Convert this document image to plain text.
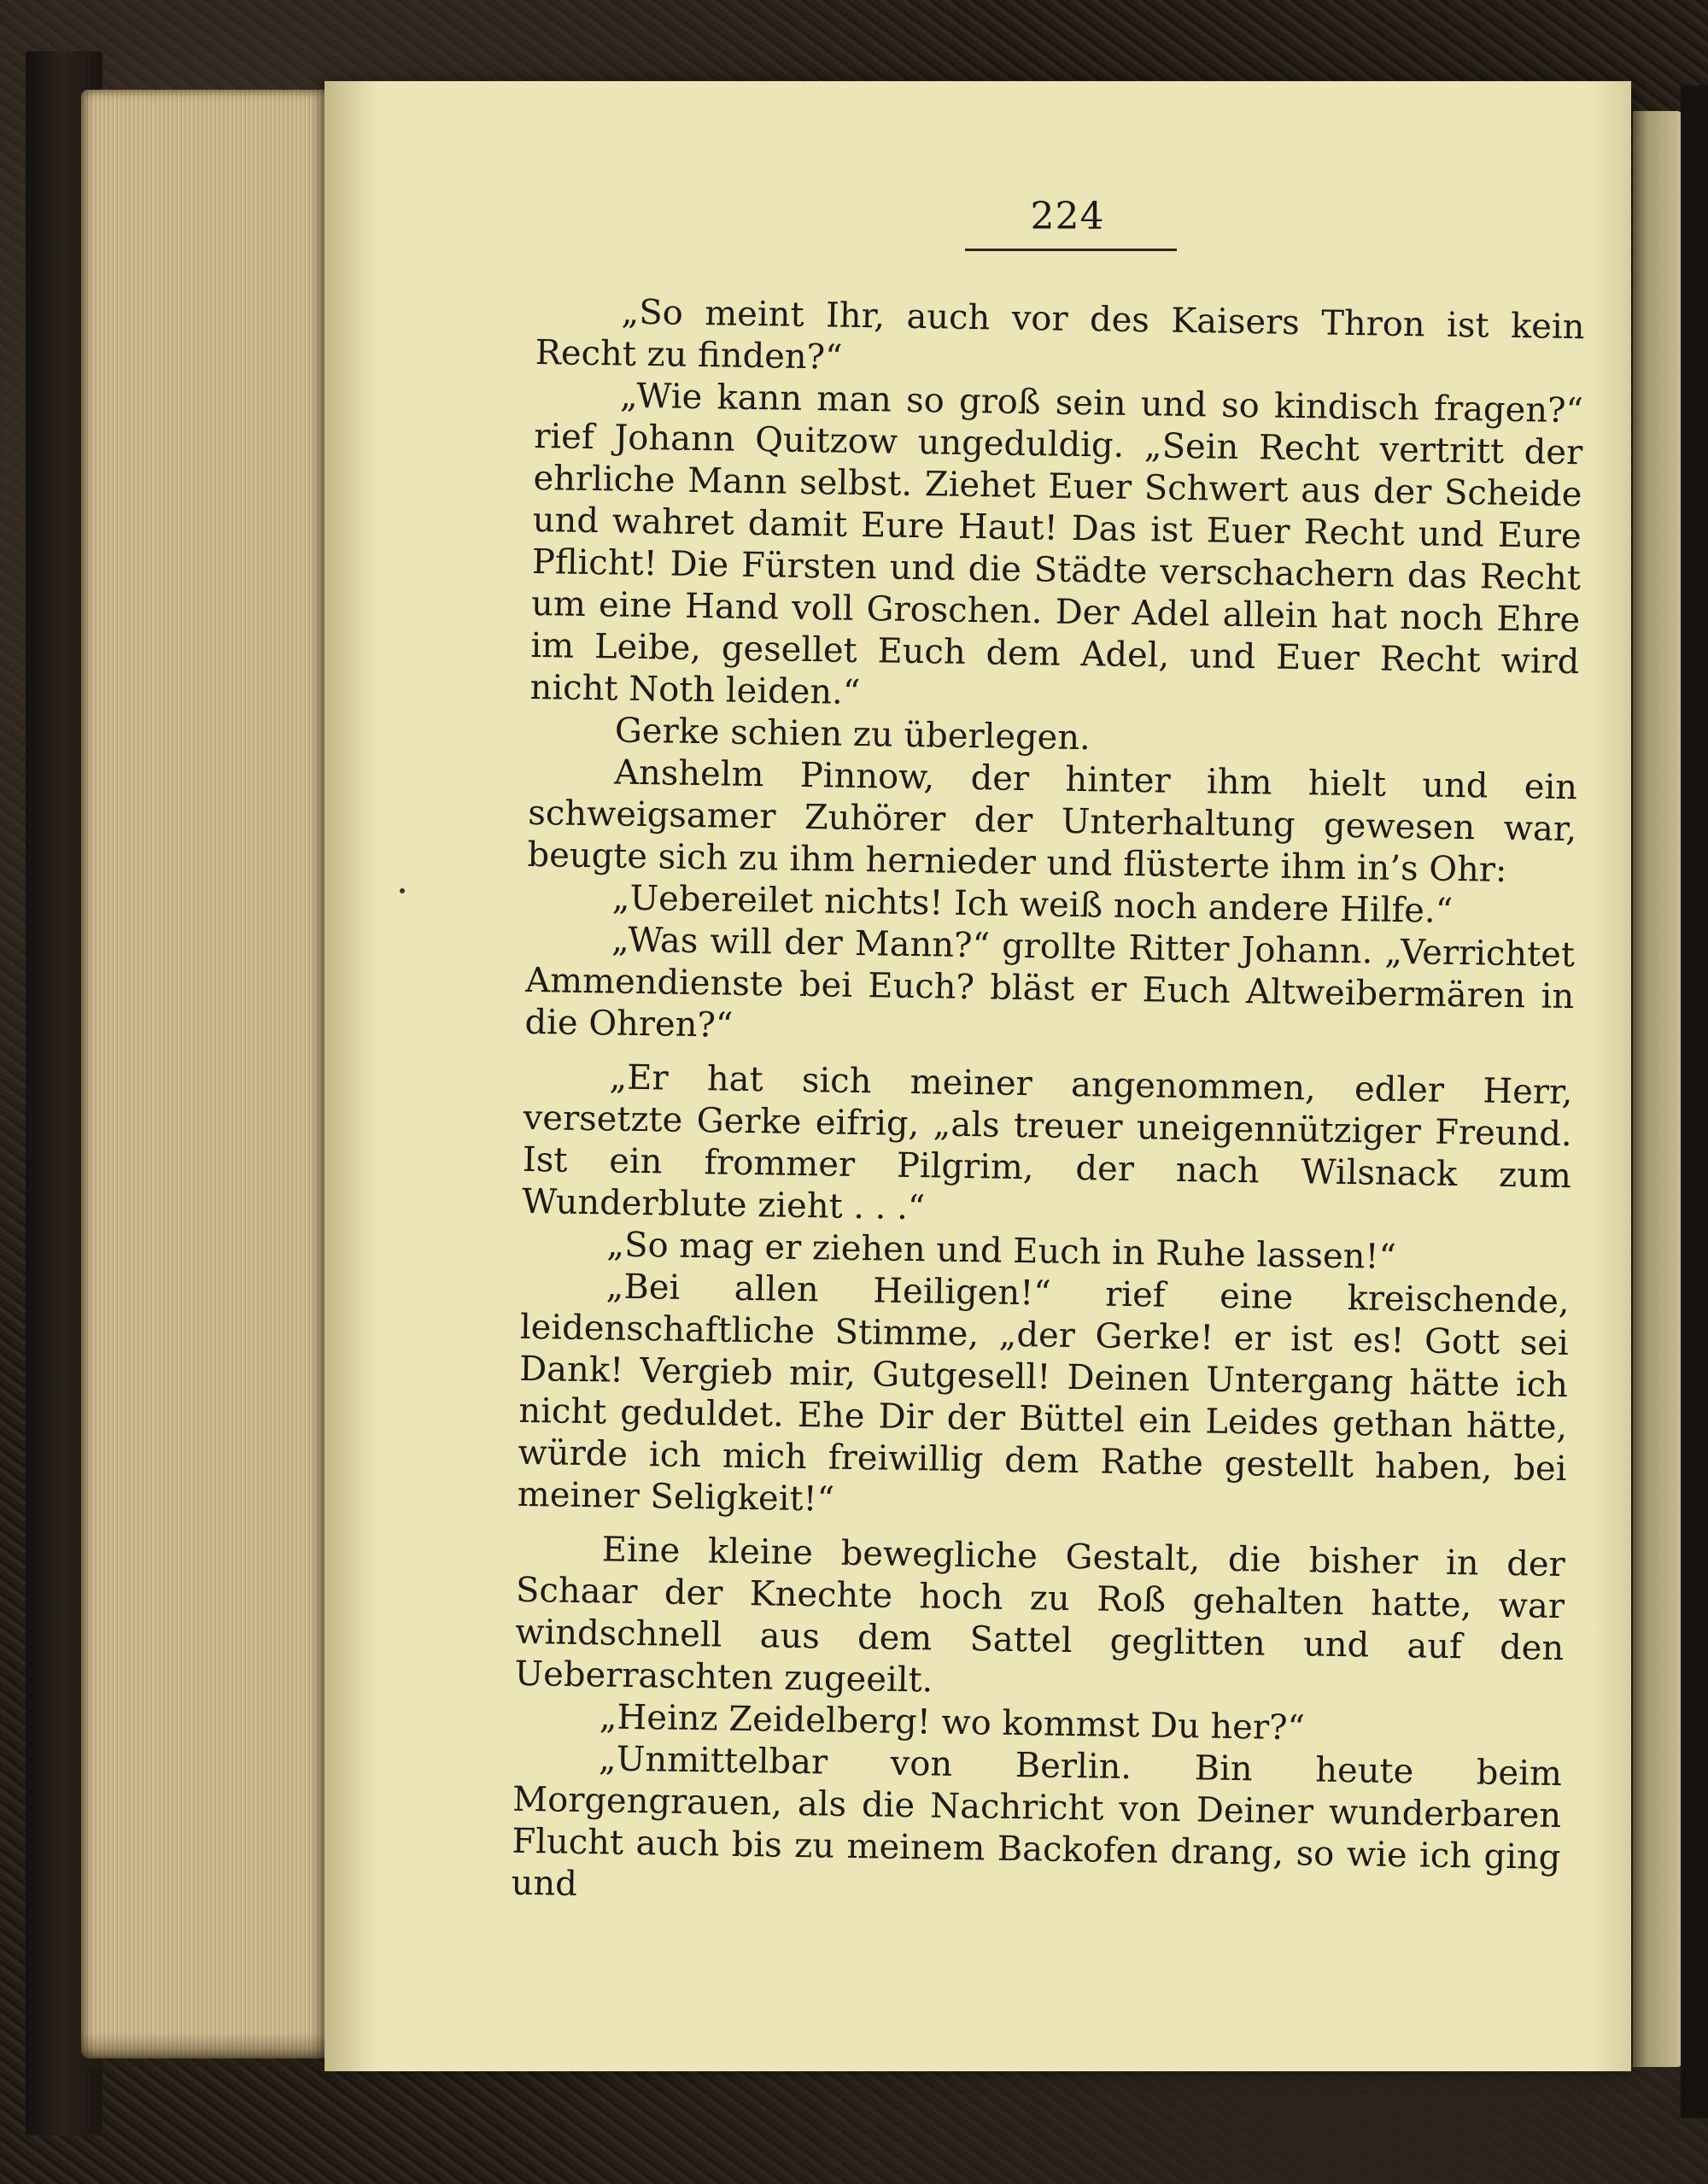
224

„So meint Ihr, auch vor des Kaisers Thron ist kein Recht zu finden?“

„Wie kann man so groß sein und so kindisch fragen?“ rief Johann Quitzow ungeduldig. „Sein Recht vertritt der ehrliche Mann selbst. Ziehet Euer Schwert aus der Scheide und wahret damit Eure Haut! Das ist Euer Recht und Eure Pflicht! Die Fürsten und die Städte verschachern das Recht um eine Hand voll Groschen. Der Adel allein hat noch Ehre im Leibe, gesellet Euch dem Adel, und Euer Recht wird nicht Noth leiden.“

Gerke schien zu überlegen.

Anshelm Pinnow, der hinter ihm hielt und ein schweigsamer Zuhörer der Unterhaltung gewesen war, beugte sich zu ihm hernieder und flüsterte ihm in’s Ohr:

„Uebereilet nichts! Ich weiß noch andere Hilfe.“

„Was will der Mann?“ grollte Ritter Johann. „Verrichtet Ammendienste bei Euch? bläst er Euch Altweibermären in die Ohren?“

„Er hat sich meiner angenommen, edler Herr, versetzte Gerke eifrig, „als treuer uneigennütziger Freund. Ist ein frommer Pilgrim, der nach Wilsnack zum Wunderblute zieht . . .“

„So mag er ziehen und Euch in Ruhe lassen!“

„Bei allen Heiligen!“ rief eine kreischende, leidenschaftliche Stimme, „der Gerke! er ist es! Gott sei Dank! Vergieb mir, Gutgesell! Deinen Untergang hätte ich nicht geduldet. Ehe Dir der Büttel ein Leides gethan hätte, würde ich mich freiwillig dem Rathe gestellt haben, bei meiner Seligkeit!“

Eine kleine bewegliche Gestalt, die bisher in der Schaar der Knechte hoch zu Roß gehalten hatte, war windschnell aus dem Sattel geglitten und auf den Ueberraschten zugeeilt.

„Heinz Zeidelberg! wo kommst Du her?“

„Unmittelbar von Berlin. Bin heute beim Morgengrauen, als die Nachricht von Deiner wunderbaren Flucht auch bis zu meinem Backofen drang, so wie ich ging und
